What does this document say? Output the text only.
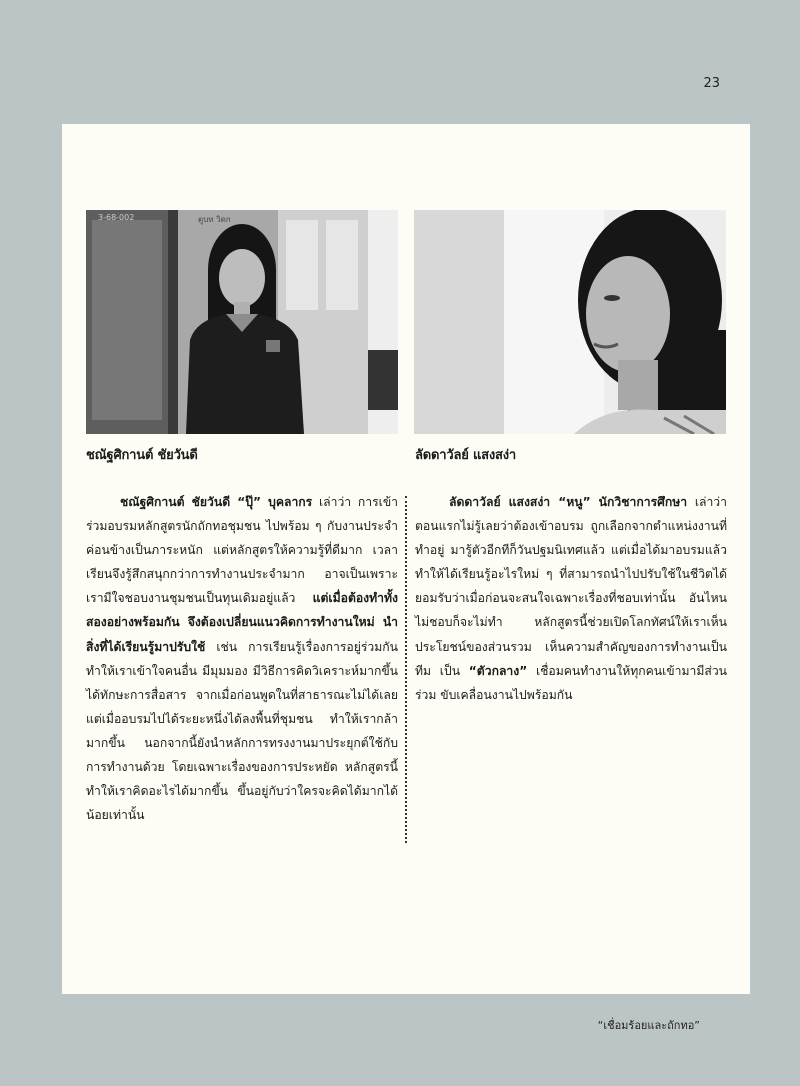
23
3-68-002	ตูบท วิดก
ชณัฐศิกานต์ ชัยวันดี	ลัดดาวัลย์ แสงสง่า

ชณัฐศิกานต์ ชัยวันดี “ปุ๊” บุคลากร เล่าว่า การเข้าร่วมอบรมหลักสูตรนักถักทอชุมชน ไปพร้อม ๆ กับงานประจำค่อนข้างเป็นภาระหนัก แต่หลักสูตรให้ความรู้ที่ดีมาก เวลาเรียนจึงรู้สึกสนุกกว่าการทำงานประจำมาก อาจเป็นเพราะเรามีใจชอบงานชุมชนเป็นทุนเดิมอยู่แล้ว แต่เมื่อต้องทำทั้งสองอย่างพร้อมกัน จึงต้องเปลี่ยนแนวคิดการทำงานใหม่ นำสิ่งที่ได้เรียนรู้มาปรับใช้ เช่น การเรียนรู้เรื่องการอยู่ร่วมกัน ทำให้เราเข้าใจคนอื่น มีมุมมอง มีวิธีการคิดวิเคราะห์มากขึ้น ได้ทักษะการสื่อสาร จากเมื่อก่อนพูดในที่สาธารณะไม่ได้เลย แต่เมื่ออบรมไปได้ระยะหนึ่งได้ลงพื้นที่ชุมชน ทำให้เรากล้ามากขึ้น นอกจากนี้ยังนำหลักการทรงงานมาประยุกต์ใช้กับการทำงานด้วย โดยเฉพาะเรื่องของการประหยัด หลักสูตรนี้ทำให้เราคิดอะไรได้มากขึ้น ขึ้นอยู่กับว่าใครจะคิดได้มากได้น้อยเท่านั้น

ลัดดาวัลย์ แสงสง่า “หนู” นักวิชาการศึกษา เล่าว่า ตอนแรกไม่รู้เลยว่าต้องเข้าอบรม ถูกเลือกจากตำแหน่งงานที่ทำอยู่ มารู้ตัวอีกทีก็วันปฐมนิเทศแล้ว แต่เมื่อได้มาอบรมแล้ว ทำให้ได้เรียนรู้อะไรใหม่ ๆ ที่สามารถนำไปปรับใช้ในชีวิตได้ ยอมรับว่าเมื่อก่อนจะสนใจเฉพาะเรื่องที่ชอบเท่านั้น อันไหนไม่ชอบก็จะไม่ทำ หลักสูตรนี้ช่วยเปิดโลกทัศน์ให้เราเห็นประโยชน์ของส่วนรวม เห็นความสำคัญของการทำงานเป็นทีม เป็น “ตัวกลาง” เชื่อมคนทำงานให้ทุกคนเข้ามามีส่วนร่วม ขับเคลื่อนงานไปพร้อมกัน

“เชื่อมร้อยและถักทอ”
